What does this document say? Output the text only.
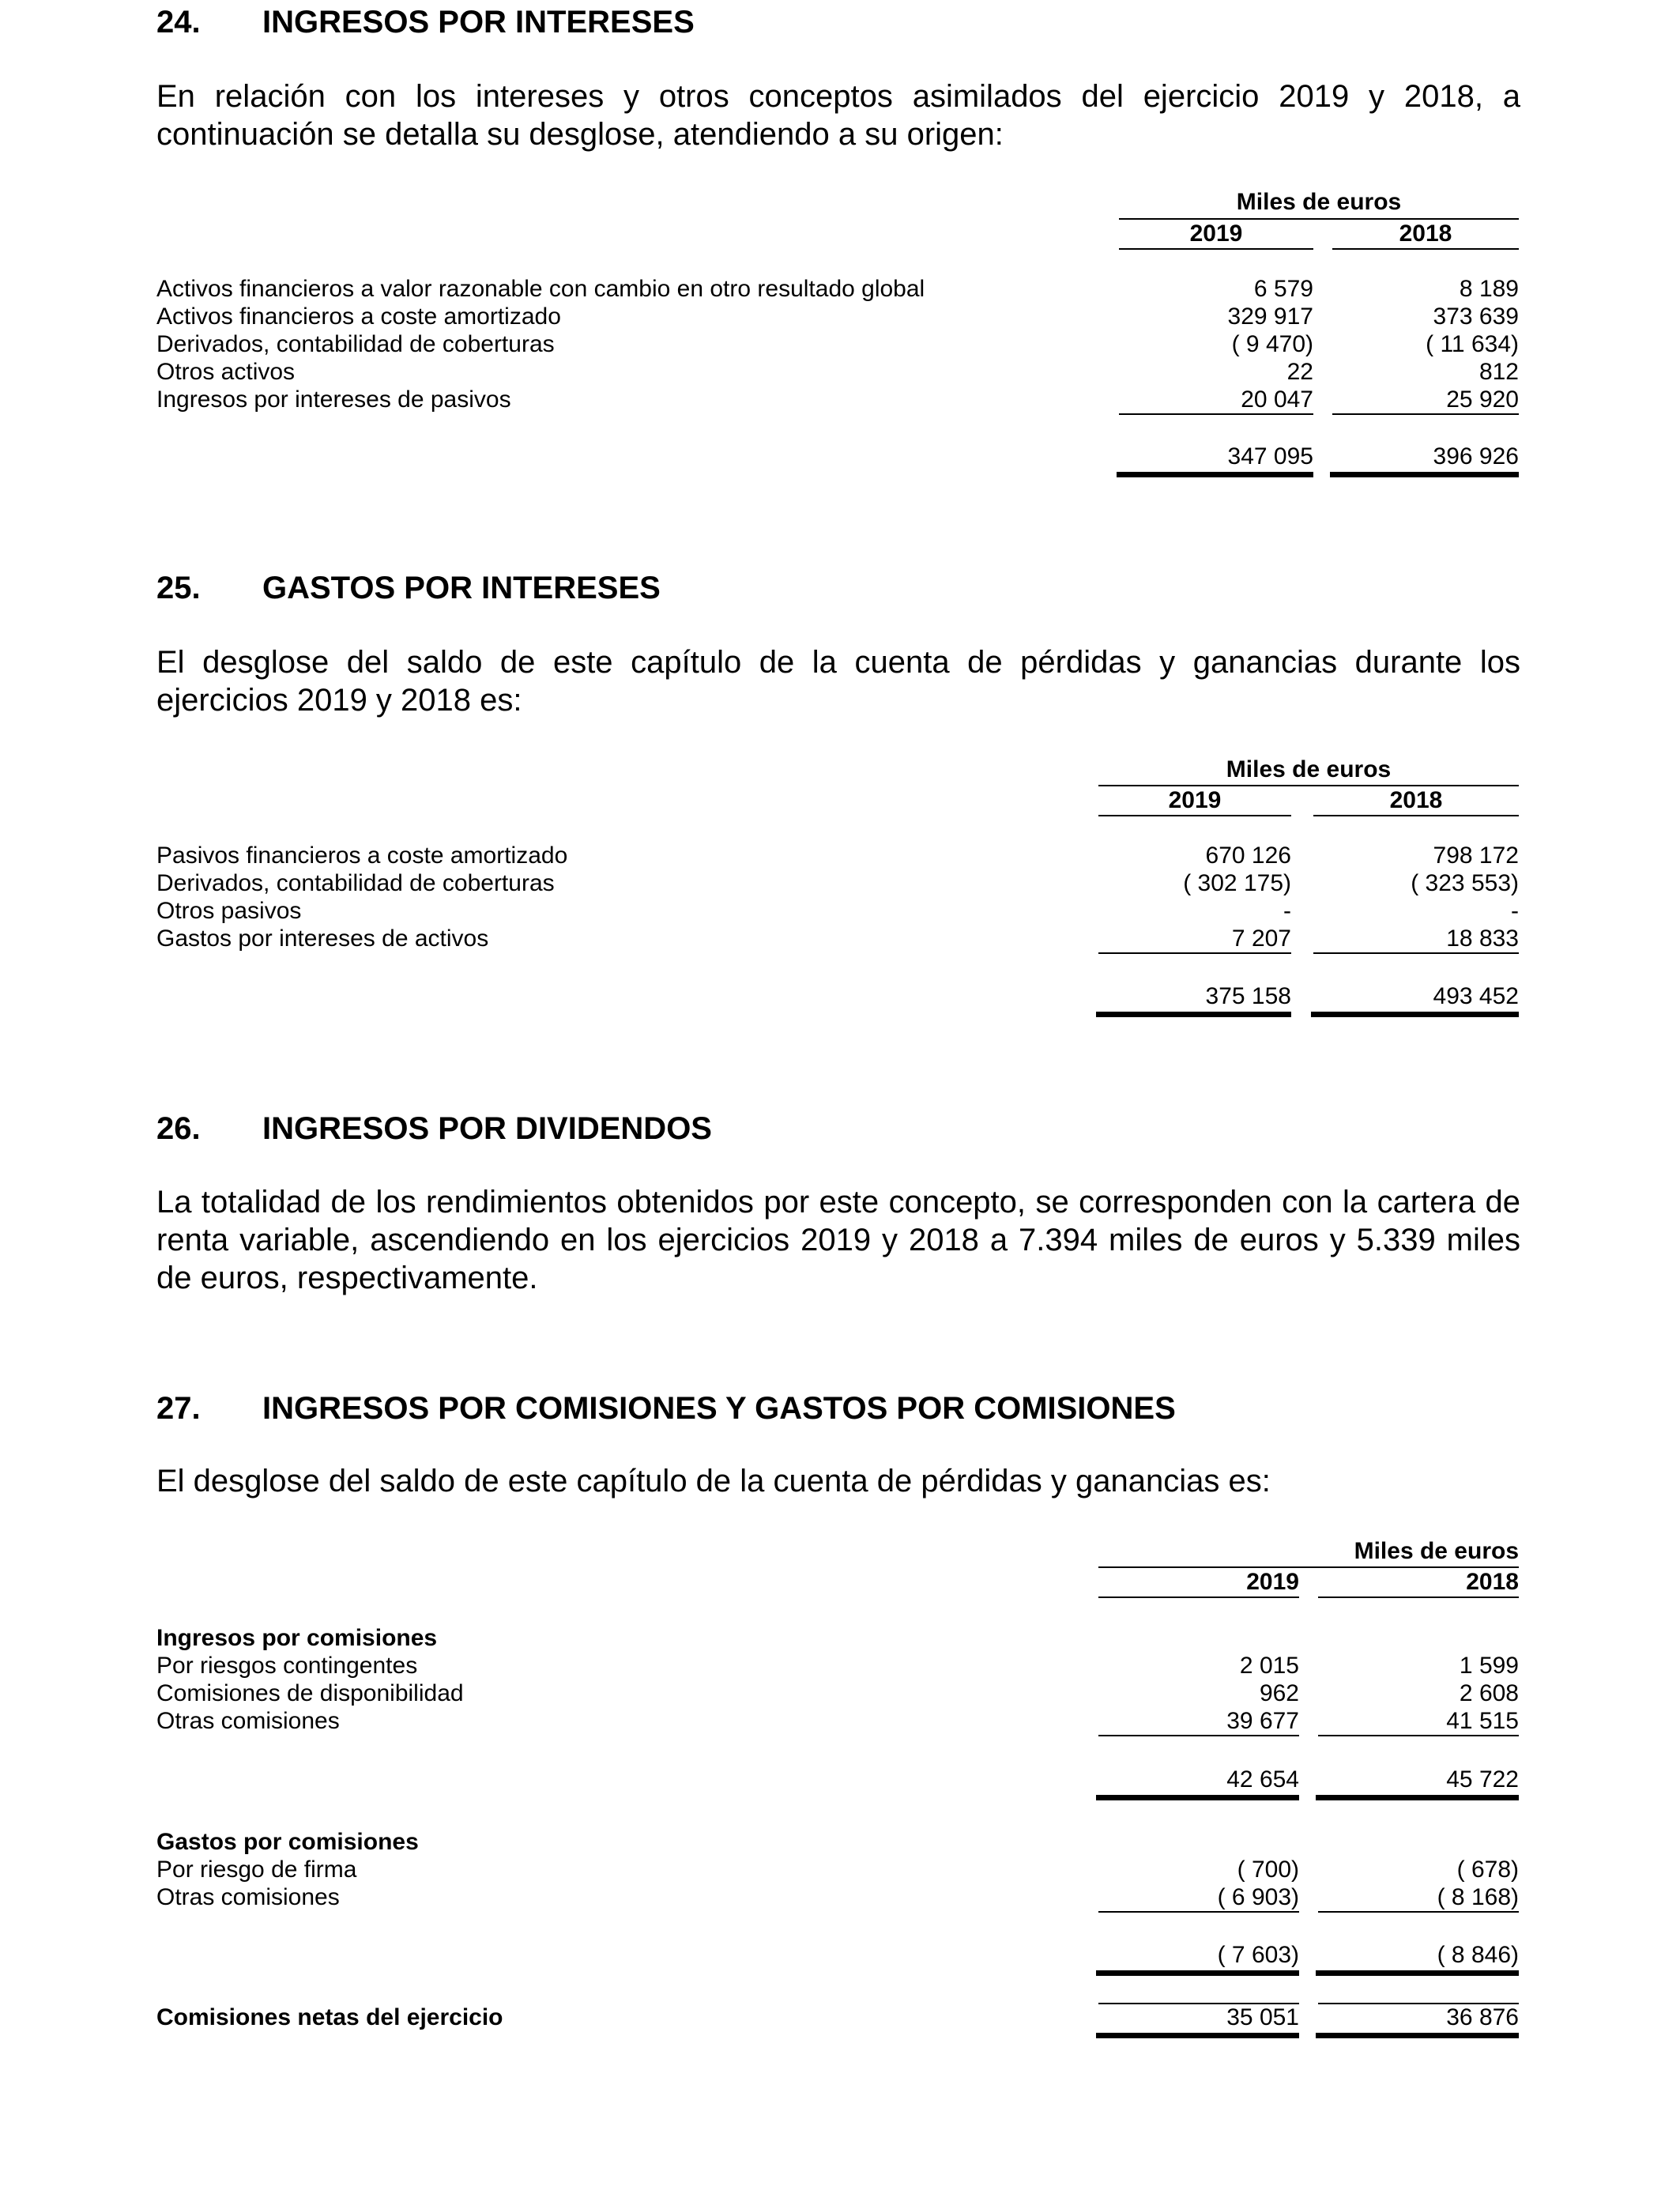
24. INGRESOS POR INTERESES
En relación con los intereses y otros conceptos asimilados del ejercicio 2019 y 2018, a continuación se detalla su desglose, atendiendo a su origen:
Miles de euros
2019	2018
Activos financieros a valor razonable con cambio en otro resultado global	6 579	8 189
Activos financieros a coste amortizado	329 917	373 639
Derivados, contabilidad de coberturas	( 9 470)	( 11 634)
Otros activos	22	812
Ingresos por intereses de pasivos	20 047	25 920
347 095	396 926
25. GASTOS POR INTERESES
El desglose del saldo de este capítulo de la cuenta de pérdidas y ganancias durante los ejercicios 2019 y 2018 es:
Miles de euros
2019	2018
Pasivos financieros a coste amortizado	670 126	798 172
Derivados, contabilidad de coberturas	( 302 175)	( 323 553)
Otros pasivos	-	-
Gastos por intereses de activos	7 207	18 833
375 158	493 452
26. INGRESOS POR DIVIDENDOS
La totalidad de los rendimientos obtenidos por este concepto, se corresponden con la cartera de renta variable, ascendiendo en los ejercicios 2019 y 2018 a 7.394 miles de euros y 5.339 miles de euros, respectivamente.
27. INGRESOS POR COMISIONES Y GASTOS POR COMISIONES
El desglose del saldo de este capítulo de la cuenta de pérdidas y ganancias es:
Miles de euros
2019	2018
Ingresos por comisiones
Por riesgos contingentes	2 015	1 599
Comisiones de disponibilidad	962	2 608
Otras comisiones	39 677	41 515
42 654	45 722
Gastos por comisiones
Por riesgo de firma	( 700)	( 678)
Otras comisiones	( 6 903)	( 8 168)
( 7 603)	( 8 846)
Comisiones netas del ejercicio	35 051	36 876
